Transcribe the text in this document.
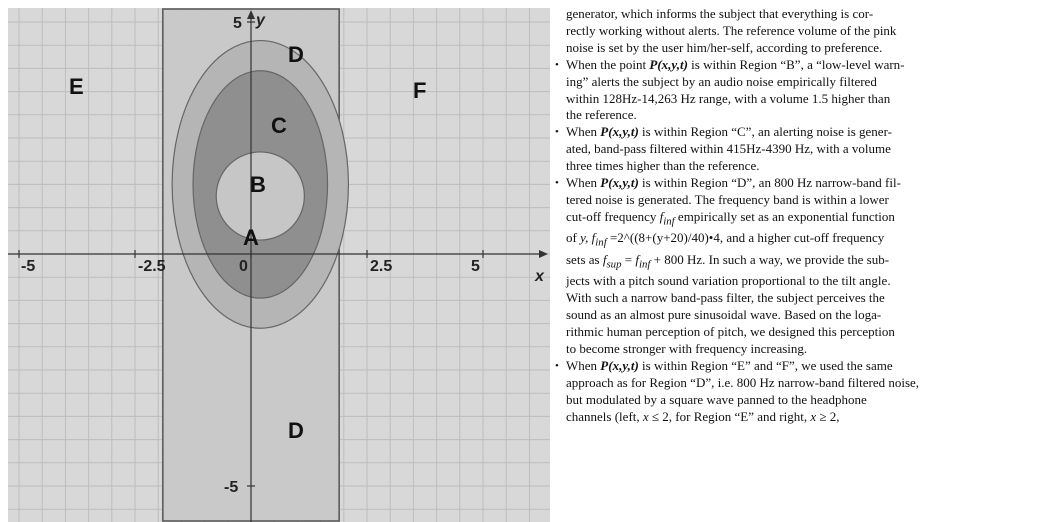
-5	-2.5	0	2.5	5
5
-5
x
y
A
B
C
D
D
E	F

generator, which informs the subject that everything is cor-
rectly working without alerts. The reference volume of the pink
noise is set by the user him/her-self, according to preference.

• When the point P(x,y,t) is within Region “B”, a “low-level warn-
ing” alerts the subject by an audio noise empirically filtered
within 128Hz-14,263 Hz range, with a volume 1.5 higher than
the reference.
• When P(x,y,t) is within Region “C”, an alerting noise is gener-
ated, band-pass filtered within 415Hz-4390 Hz, with a volume
three times higher than the reference.
• When P(x,y,t) is within Region “D”, an 800 Hz narrow-band fil-
tered noise is generated. The frequency band is within a lower
cut-off frequency $f_{inf}$ empirically set as an exponential function
of y, $f_{inf}$ =2^((8+(y+20)/40)•4, and a higher cut-off frequency
sets as $f_{sup} = f_{inf} + 800$ Hz. In such a way, we provide the sub-
jects with a pitch sound variation proportional to the tilt angle.
With such a narrow band-pass filter, the subject perceives the
sound as an almost pure sinusoidal wave. Based on the loga-
rithmic human perception of pitch, we designed this perception
to become stronger with frequency increasing.
• When P(x,y,t) is within Region “E” and “F”, we used the same
approach as for Region “D”, i.e. 800 Hz narrow-band filtered noise,
but modulated by a square wave panned to the headphone
channels (left, x ≤ 2, for Region “E” and right, x ≥ 2,
